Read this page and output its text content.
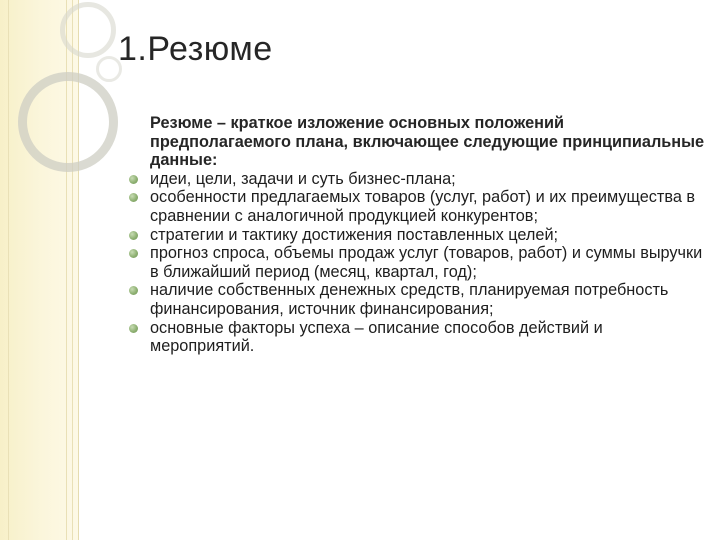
1.Резюме

Резюме – краткое изложение основных положений предполагаемого плана, включающее следующие принципиальные данные:

идеи, цели, задачи и суть бизнес-плана;
особенности предлагаемых товаров (услуг, работ) и их преимущества в сравнении с аналогичной продукцией конкурентов;
стратегии и тактику достижения поставленных целей;
прогноз спроса, объемы продаж услуг (товаров, работ) и суммы выручки в ближайший период (месяц, квартал, год);
наличие собственных денежных средств, планируемая потребность финансирования, источник финансирования;
основные факторы успеха – описание способов действий и мероприятий.
